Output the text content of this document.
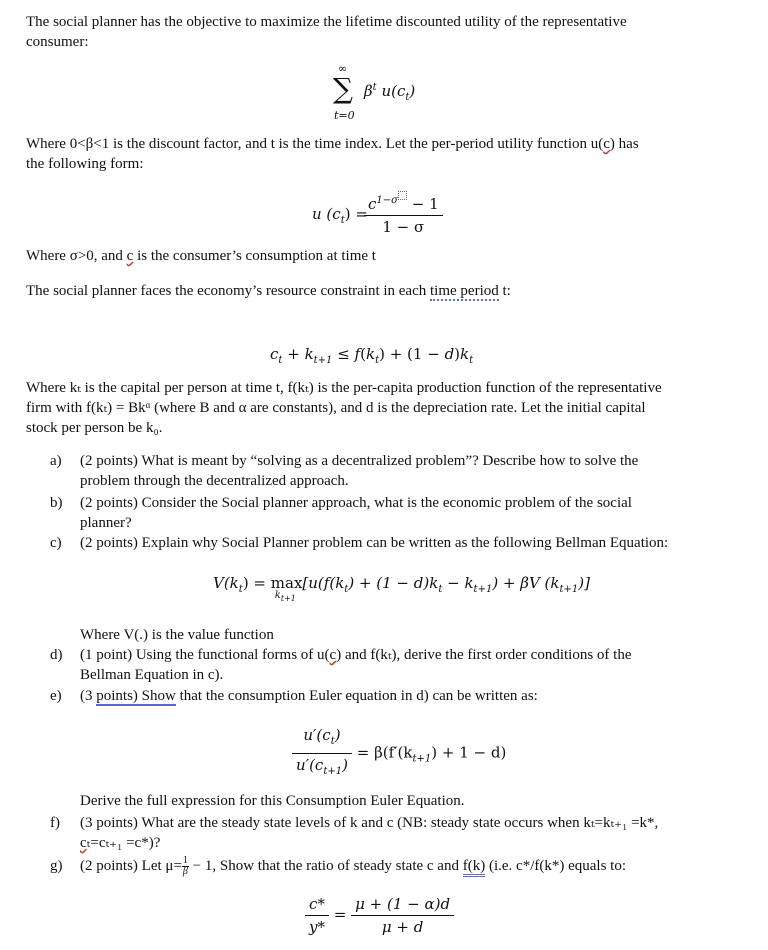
The social planner has the objective to maximize the lifetime discounted utility of the representative

consumer:

∞
∑ $\beta^t$ $u(c_t)$
t=0

Where 0<β<1 is the discount factor, and t is the time index. Let the per-period utility function u(c) has

the following form:

u $(c_t)$ =
$\frac{c^{1-\sigma} - 1}{1 - \sigma}$

Where σ>0, and c is the consumer’s consumption at time t

The social planner faces the economy’s resource constraint in each time period t:

$c_t + k_{t+1} \le f(k_t) + (1 - d)k_t$

Where kₜ is the capital per person at time t, f(kₜ) is the per-capita production function of the representative

firm with f(kₜ) = Bkᵅ (where B and α are constants), and d is the depreciation rate. Let the initial capital

stock per person be k₀.

a)	(2 points) What is meant by “solving as a decentralized problem”? Describe how to solve the
problem through the decentralized approach.
b)	(2 points) Consider the Social planner approach, what is the economic problem of the social
planner?
c)	(2 points) Explain why Social Planner problem can be written as the following Bellman Equation:
$V(k_t) = \max$
$k_{t+1}$
[$u(f(k_t) + (1 - d)k_t - k_{t+1}) + \beta V$ $(k_{t+1})$]

Where V(.) is the value function

d)	(1 point) Using the functional forms of u(c) and f(kₜ), derive the first order conditions of the
Bellman Equation in c).
e)	(3 points) Show that the consumption Euler equation in d) can be written as:
$\frac{u'(c_t)}{u'(c_{t+1})} = \beta(f'(k_{t+1}) + 1 - d)$

Derive the full expression for this Consumption Euler Equation.

f)	(3 points) What are the steady state levels of k and c (NB: steady state occurs when kₜ=kₜ₊₁ =k*,
cₜ=cₜ₊₁ =c*)?
g)	(2 points) Let $\mu= \frac{1}{\beta} - 1$, Show that the ratio of steady state c and f(k) (i.e. c*/f(k*) equals to:
$\frac{c*}{y*} = \frac{\mu + (1 - \alpha)d}{\mu + d}$
